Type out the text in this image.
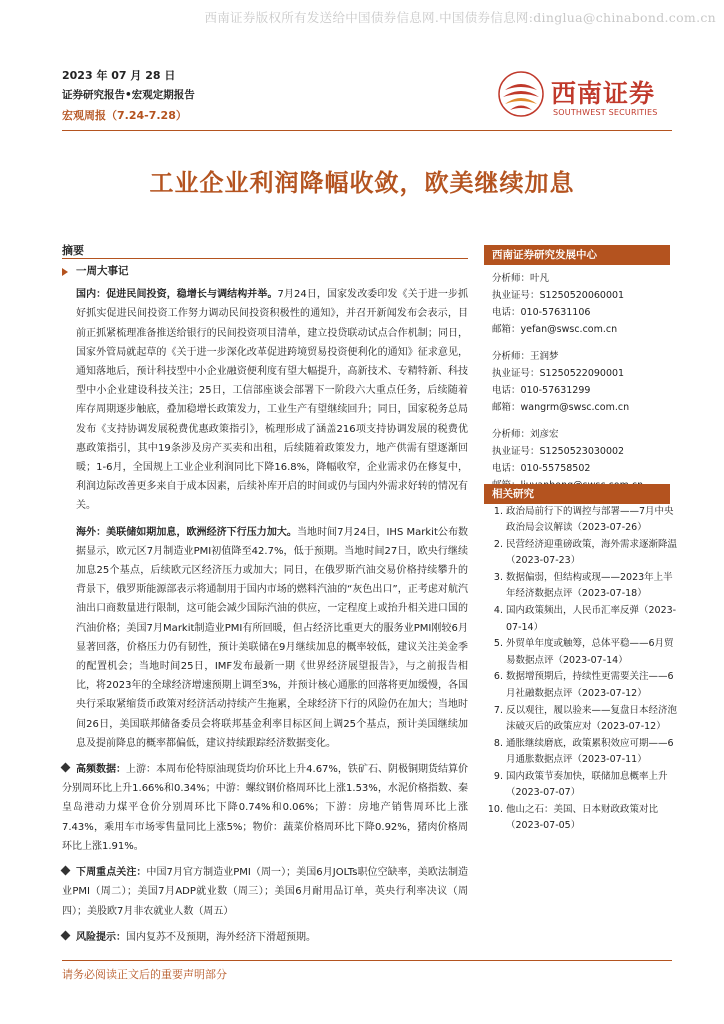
西南证券版权所有发送给中国债券信息网.中国债券信息网:dinglua@chinabond.com.cn
2023 年 07 月 28 日
证券研究报告•宏观定期报告
宏观周报（7.24-7.28）
西南证券
SOUTHWEST SECURITIES
工业企业利润降幅收敛，欧美继续加息
摘要
一周大事记

国内：促进民间投资，稳增长与调结构并举。7月24日，国家发改委印发《关于进一步抓好抓实促进民间投资工作努力调动民间投资积极性的通知》，并召开新闻发布会表示，目前正抓紧梳理准备推送给银行的民间投资项目清单，建立投贷联动试点合作机制；同日，国家外管局就起草的《关于进一步深化改革促进跨境贸易投资便利化的通知》征求意见，通知落地后，预计科技型中小企业融资便利度有望大幅提升，高新技术、专精特新、科技型中小企业建设科技关注；25日，工信部座谈会部署下一阶段六大重点任务，后续随着库存周期逐步触底，叠加稳增长政策发力，工业生产有望继续回升；同日，国家税务总局发布《支持协调发展税费优惠政策指引》，梳理形成了涵盖216项支持协调发展的税费优惠政策指引，其中19条涉及房产买卖和出租，后续随着政策发力，地产供需有望逐渐回暖；1-6月，全国规上工业企业利润同比下降16.8%，降幅收窄，企业需求仍在修复中，利润边际改善更多来自于成本因素，后续补库开启的时间或仍与国内外需求好转的情况有关。

海外：美联储如期加息，欧洲经济下行压力加大。当地时间7月24日，IHS Markit公布数据显示，欧元区7月制造业PMI初值降至42.7%，低于预期。当地时间27日，欧央行继续加息25个基点，后续欧元区经济压力或加大；同日，在俄罗斯汽油交易价格持续攀升的背景下，俄罗斯能源部表示将通制用于国内市场的燃料汽油的“灰色出口”，正考虑对航汽油出口商数量进行限制，这可能会减少国际汽油的供应，一定程度上或抬升相关进口国的汽油价格；美国7月Markit制造业PMI有所回暖，但占经济比重更大的服务业PMI刚较6月显著回落，价格压力仍有韧性，预计美联储在9月继续加息的概率较低，建议关注美金季的配置机会；当地时间25日，IMF发布最新一期《世界经济展望报告》，与之前报告相比，将2023年的全球经济增速预期上调至3%，并预计核心通胀的回落将更加缓慢，各国央行采取紧缩货币政策对经济活动持续产生拖累，全球经济下行的风险仍在加大；当地时间26日，美国联邦储备委员会将联邦基金利率目标区间上调25个基点，预计美国继续加息及提前降息的概率都偏低，建议持续跟踪经济数据变化。

高频数据：上游：本周布伦特原油现货均价环比上升4.67%，铁矿石、阴极铜期货结算价分别周环比上升1.66%和0.34%；中游：螺纹钢价格周环比上涨1.53%，水泥价格指数、秦皇岛港动力煤平仓价分别周环比下降0.74%和0.06%；下游：房地产销售周环比上涨7.43%，乘用车市场零售量同比上涨5%；物价：蔬菜价格周环比下降0.92%，猪肉价格周环比上涨1.91%。

下周重点关注：中国7月官方制造业PMI（周一）；美国6月JOLTs职位空缺率，美欧法制造业PMI（周二）；美国7月ADP就业数（周三）；美国6月耐用品订单，英央行利率决议（周四）；美股欧7月非农就业人数（周五）

风险提示：国内复苏不及预期，海外经济下滑超预期。

西南证券研究发展中心
分析师：叶凡
执业证号：S1250520060001
电话：010-57631106
邮箱：yefan@swsc.com.cn
分析师：王润梦
执业证号：S1250522090001
电话：010-57631299
邮箱：wangrm@swsc.com.cn
分析师：刘彦宏
执业证号：S1250523030002
电话：010-55758502
相关研究
1. 政治局前行下的调控与部署——7月中央政治局会议解读（2023-07-26）
2. 民营经济迎重磅政策，海外需求逐渐降温（2023-07-23）
3. 数据偏弱，但结构或现——2023年上半年经济数据点评（2023-07-18）
4. 国内政策频出，人民币汇率反弹（2023-07-14）
5. 外贸单年度或触筹，总体平稳——6月贸易数据点评（2023-07-14）
6. 数据增预期后，持续性更需要关注——6月社融数据点评（2023-07-12）
7. 反以观往，履以验来——复盘日本经济泡沫破灭后的政策应对（2023-07-12）
8. 通胀继续磨底，政策累积效应可期——6月通胀数据点评（2023-07-11）
9. 国内政策节奏加快，联储加息概率上升（2023-07-07）
10. 他山之石：美国、日本财政政策对比（2023-07-05）
请务必阅读正文后的重要声明部分
